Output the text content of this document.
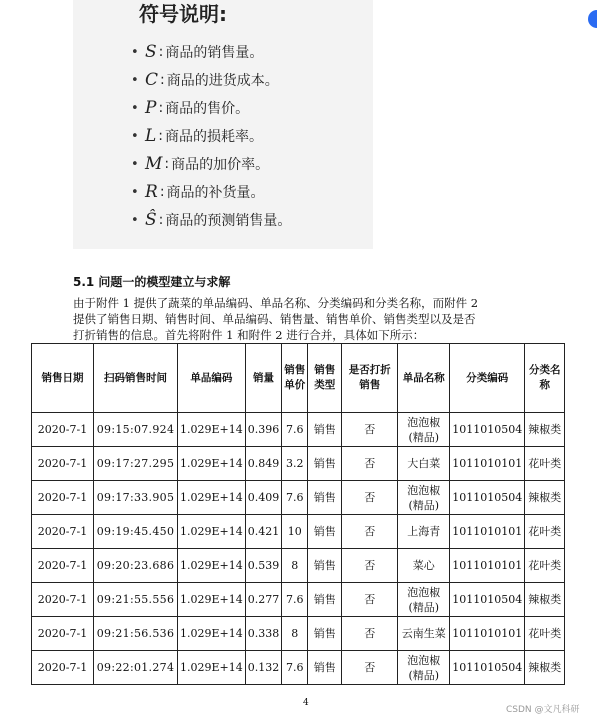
符号说明:
• S : 商品的销售量。
• C : 商品的进货成本。
• P : 商品的售价。
• L : 商品的损耗率。
• M : 商品的加价率。
• R : 商品的补货量。
• Ŝ : 商品的预测销售量。
5.1 问题一的模型建立与求解
由于附件 1 提供了蔬菜的单品编码、单品名称、分类编码和分类名称，而附件 2
提供了销售日期、销售时间、单品编码、销售量、销售单价、销售类型以及是否
打折销售的信息。首先将附件 1 和附件 2 进行合并，具体如下所示：
销售日期	扫码销售时间	单品编码	销量	销售单价	销售类型	是否打折销售	单品名称	分类编码	分类名称
2020-7-1	09:15:07.924	1.029E+14	0.396	7.6	销售	否	泡泡椒(精品)	1011010504	辣椒类
2020-7-1	09:17:27.295	1.029E+14	0.849	3.2	销售	否	大白菜	1011010101	花叶类
2020-7-1	09:17:33.905	1.029E+14	0.409	7.6	销售	否	泡泡椒(精品)	1011010504	辣椒类
2020-7-1	09:19:45.450	1.029E+14	0.421	10	销售	否	上海青	1011010101	花叶类
2020-7-1	09:20:23.686	1.029E+14	0.539	8	销售	否	菜心	1011010101	花叶类
2020-7-1	09:21:55.556	1.029E+14	0.277	7.6	销售	否	泡泡椒(精品)	1011010504	辣椒类
2020-7-1	09:21:56.536	1.029E+14	0.338	8	销售	否	云南生菜	1011010101	花叶类
2020-7-1	09:22:01.274	1.029E+14	0.132	7.6	销售	否	泡泡椒(精品)	1011010504	辣椒类
4
CSDN @文凡科研
